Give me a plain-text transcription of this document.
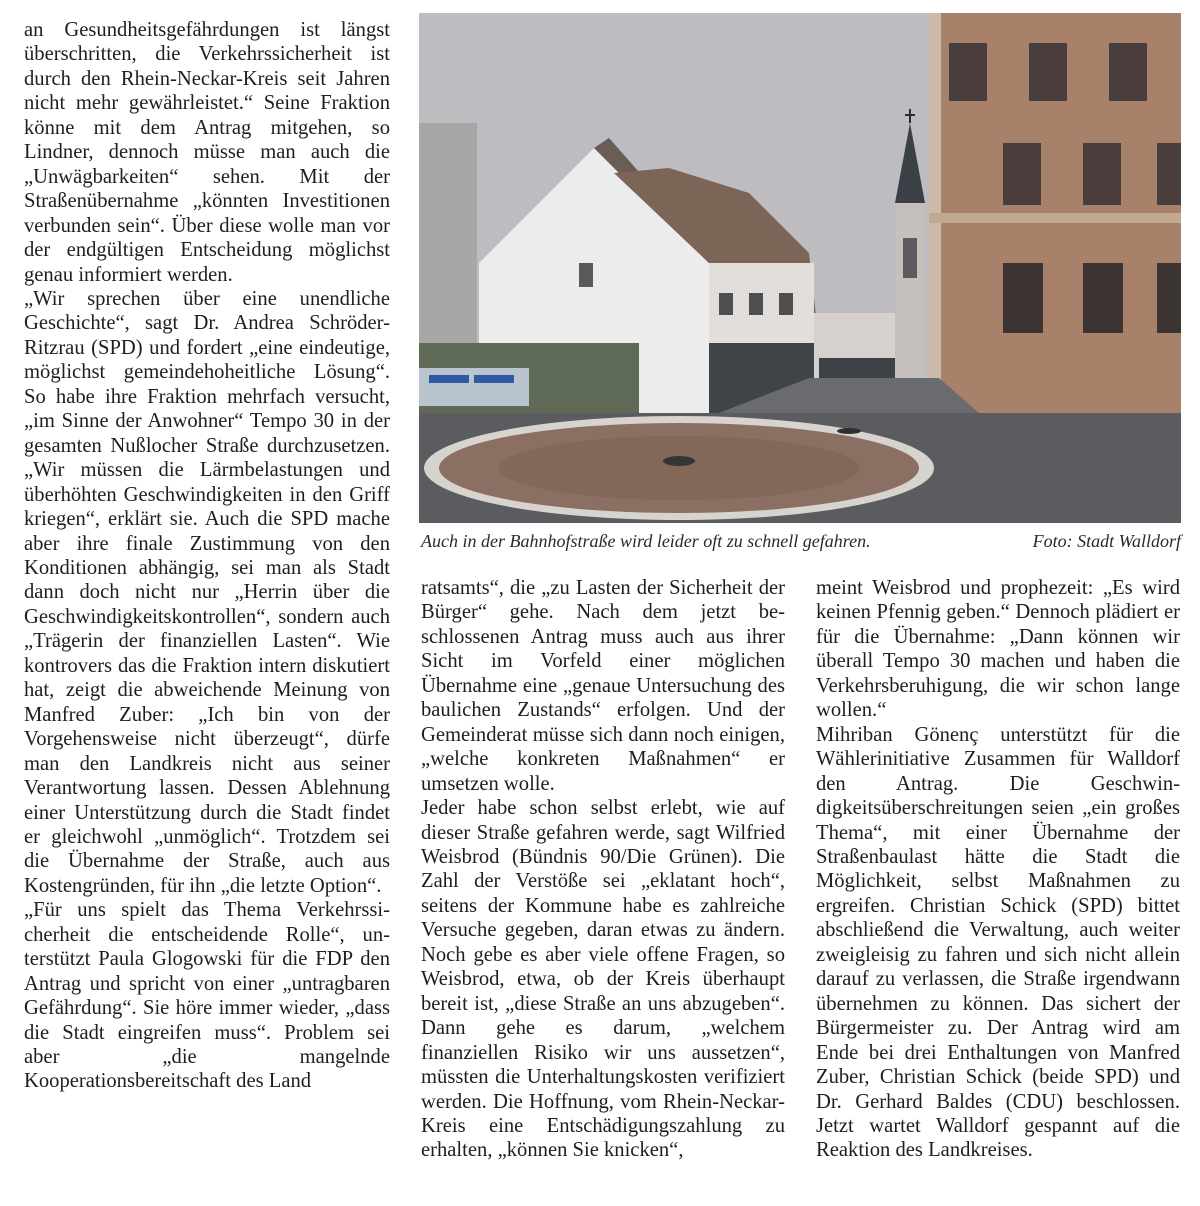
an Gesundheitsgefährdungen ist längst überschritten, die Verkehrssicherheit ist durch den Rhein-Neckar-Kreis seit Jahren nicht mehr gewährleistet.“ Seine Fraktion könne mit dem Antrag mitgehen, so Lindner, dennoch müsse man auch die „Unwägbarkeiten“ sehen. Mit der Straßenübernahme „könnten Investitionen verbunden sein“. Über diese wolle man vor der endgültigen Entscheidung möglichst genau informiert werden.

„Wir sprechen über eine unendliche Geschichte“, sagt Dr. Andrea Schröder-Ritzrau (SPD) und fordert „eine eindeutige, möglichst gemeindehoheitliche Lösung“. So habe ihre Fraktion mehrfach versucht, „im Sinne der Anwohner“ Tempo 30 in der gesamten Nußlocher Straße durchzusetzen. „Wir müssen die Lärmbelastungen und überhöhten Geschwindigkeiten in den Griff kriegen“, erklärt sie. Auch die SPD mache aber ihre finale Zustimmung von den Konditionen abhängig, sei man als Stadt dann doch nicht nur „Herrin über die Geschwindigkeitskontrollen“, sondern auch „Trägerin der finanziellen Lasten“. Wie kontrovers das die Fraktion intern diskutiert hat, zeigt die abweichende Meinung von Manfred Zuber: „Ich bin von der Vorgehensweise nicht überzeugt“, dürfe man den Landkreis nicht aus seiner Verantwortung lassen. Dessen Ablehnung einer Unterstützung durch die Stadt findet er gleichwohl „unmöglich“. Trotzdem sei die Übernahme der Straße, auch aus Kostengründen, für ihn „die letzte Option“.

„Für uns spielt das Thema Verkehrssicherheit die entscheidende Rolle“, unterstützt Paula Glogowski für die FDP den Antrag und spricht von einer „untragbaren Gefährdung“. Sie höre immer wieder, „dass die Stadt eingreifen muss“. Problem sei aber „die mangelnde Kooperationsbereitschaft des Land

Auch in der Bahnhofstraße wird leider oft zu schnell gefahren.	Foto: Stadt Walldorf

ratsamts“, die „zu Lasten der Sicherheit der Bürger“ gehe. Nach dem jetzt beschlossenen Antrag muss auch aus ihrer Sicht im Vorfeld einer möglichen Übernahme eine „genaue Untersuchung des baulichen Zustands“ erfolgen. Und der Gemeinderat müsse sich dann noch einigen, „welche konkreten Maßnahmen“ er umsetzen wolle.

Jeder habe schon selbst erlebt, wie auf dieser Straße gefahren werde, sagt Wilfried Weisbrod (Bündnis 90/Die Grünen). Die Zahl der Verstöße sei „eklatant hoch“, seitens der Kommune habe es zahlreiche Versuche gegeben, daran etwas zu ändern. Noch gebe es aber viele offene Fragen, so Weisbrod, etwa, ob der Kreis überhaupt bereit ist, „diese Straße an uns abzugeben“. Dann gehe es darum, „welchem finanziellen Risiko wir uns aussetzen“, müssten die Unterhaltungskosten verifiziert werden. Die Hoffnung, vom Rhein-Neckar-Kreis eine Entschädigungszahlung zu erhalten, „können Sie knicken“,

meint Weisbrod und prophezeit: „Es wird keinen Pfennig geben.“ Dennoch plädiert er für die Übernahme: „Dann können wir überall Tempo 30 machen und haben die Verkehrsberuhigung, die wir schon lange wollen.“

Mihriban Gönenç unterstützt für die Wählerinitiative Zusammen für Walldorf den Antrag. Die Geschwindigkeitsüberschreitungen seien „ein großes Thema“, mit einer Übernahme der Straßenbaulast hätte die Stadt die Möglichkeit, selbst Maßnahmen zu ergreifen. Christian Schick (SPD) bittet abschließend die Verwaltung, auch weiter zweigleisig zu fahren und sich nicht allein darauf zu verlassen, die Straße irgendwann übernehmen zu können. Das sichert der Bürgermeister zu. Der Antrag wird am Ende bei drei Enthaltungen von Manfred Zuber, Christian Schick (beide SPD) und Dr. Gerhard Baldes (CDU) beschlossen. Jetzt wartet Walldorf gespannt auf die Reaktion des Landkreises.
